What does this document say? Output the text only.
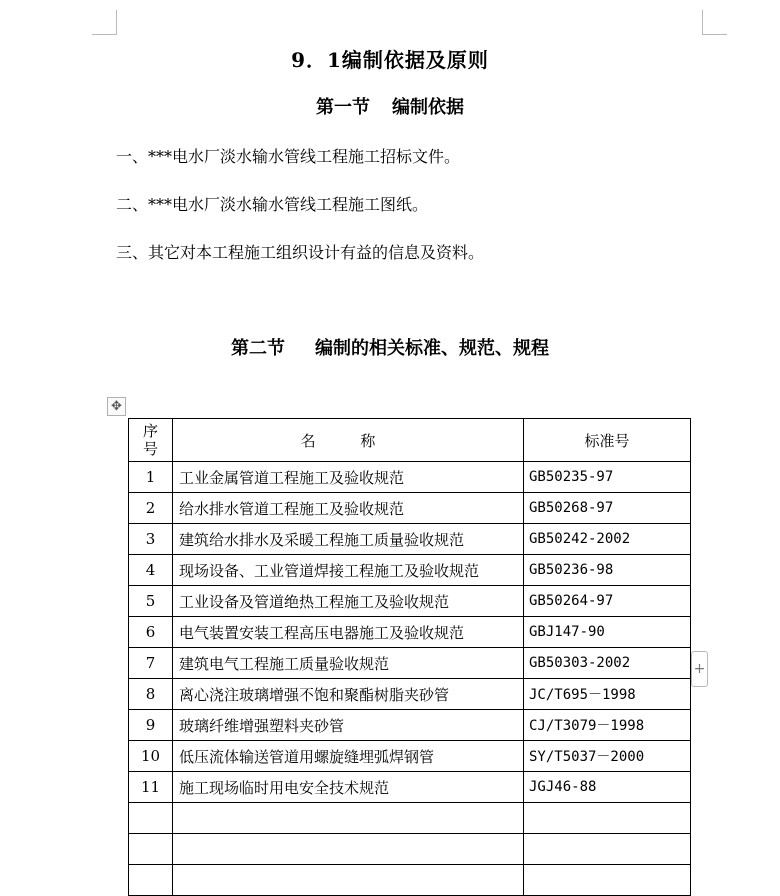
9．1编制依据及原则
第一节 编制依据
一、***电水厂淡水输水管线工程施工招标文件。
二、***电水厂淡水输水管线工程施工图纸。
三、其它对本工程施工组织设计有益的信息及资料。
第二节 编制的相关标准、规范、规程
✥
+
序号	名 称	标准号
1	工业金属管道工程施工及验收规范	GB50235-97
2	给水排水管道工程施工及验收规范	GB50268-97
3	建筑给水排水及采暖工程施工质量验收规范	GB50242-2002
4	现场设备、工业管道焊接工程施工及验收规范	GB50236-98
5	工业设备及管道绝热工程施工及验收规范	GB50264-97
6	电气装置安装工程高压电器施工及验收规范	GBJ147-90
7	建筑电气工程施工质量验收规范	GB50303-2002
8	离心浇注玻璃增强不饱和聚酯树脂夹砂管	JC/T695－1998
9	玻璃纤维增强塑料夹砂管	CJ/T3079－1998
10	低压流体输送管道用螺旋缝埋弧焊钢管	SY/T5037－2000
11	施工现场临时用电安全技术规范	JGJ46-88
